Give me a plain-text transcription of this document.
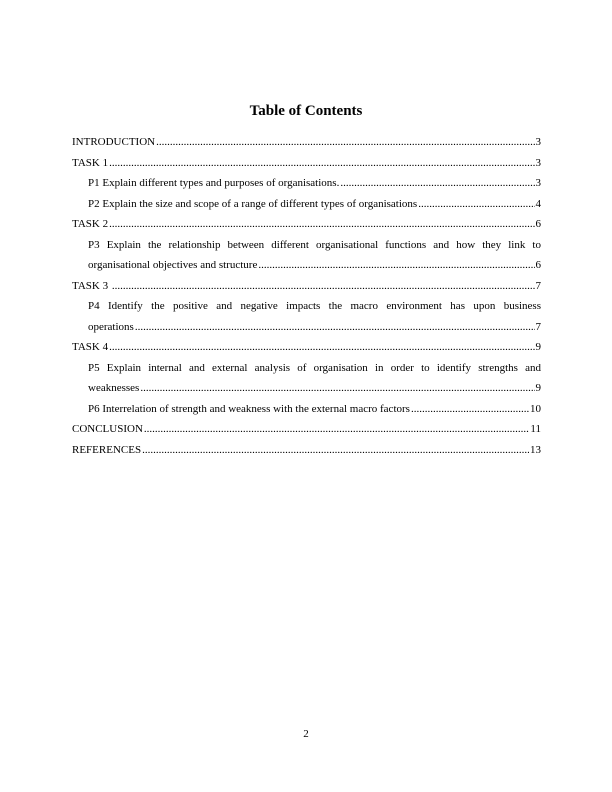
Table of Contents
INTRODUCTION .....	3
TASK 1 .....	3
P1 Explain different types and purposes of organisations. .....	3
P2 Explain the size and scope of a range of different types of organisations .....	4
TASK 2 .....	6
P3 Explain the relationship between different organisational functions and how they link to
organisational objectives and structure .....	6
TASK 3 .....	7
P4 Identify the positive and negative impacts the macro environment has upon business
operations .....	7
TASK 4 .....	9
P5 Explain internal and external analysis of organisation in order to identify strengths and
weaknesses .....	9
P6 Interrelation of strength and weakness with the external macro factors .....	10
CONCLUSION .....	11
REFERENCES .....	13
2
